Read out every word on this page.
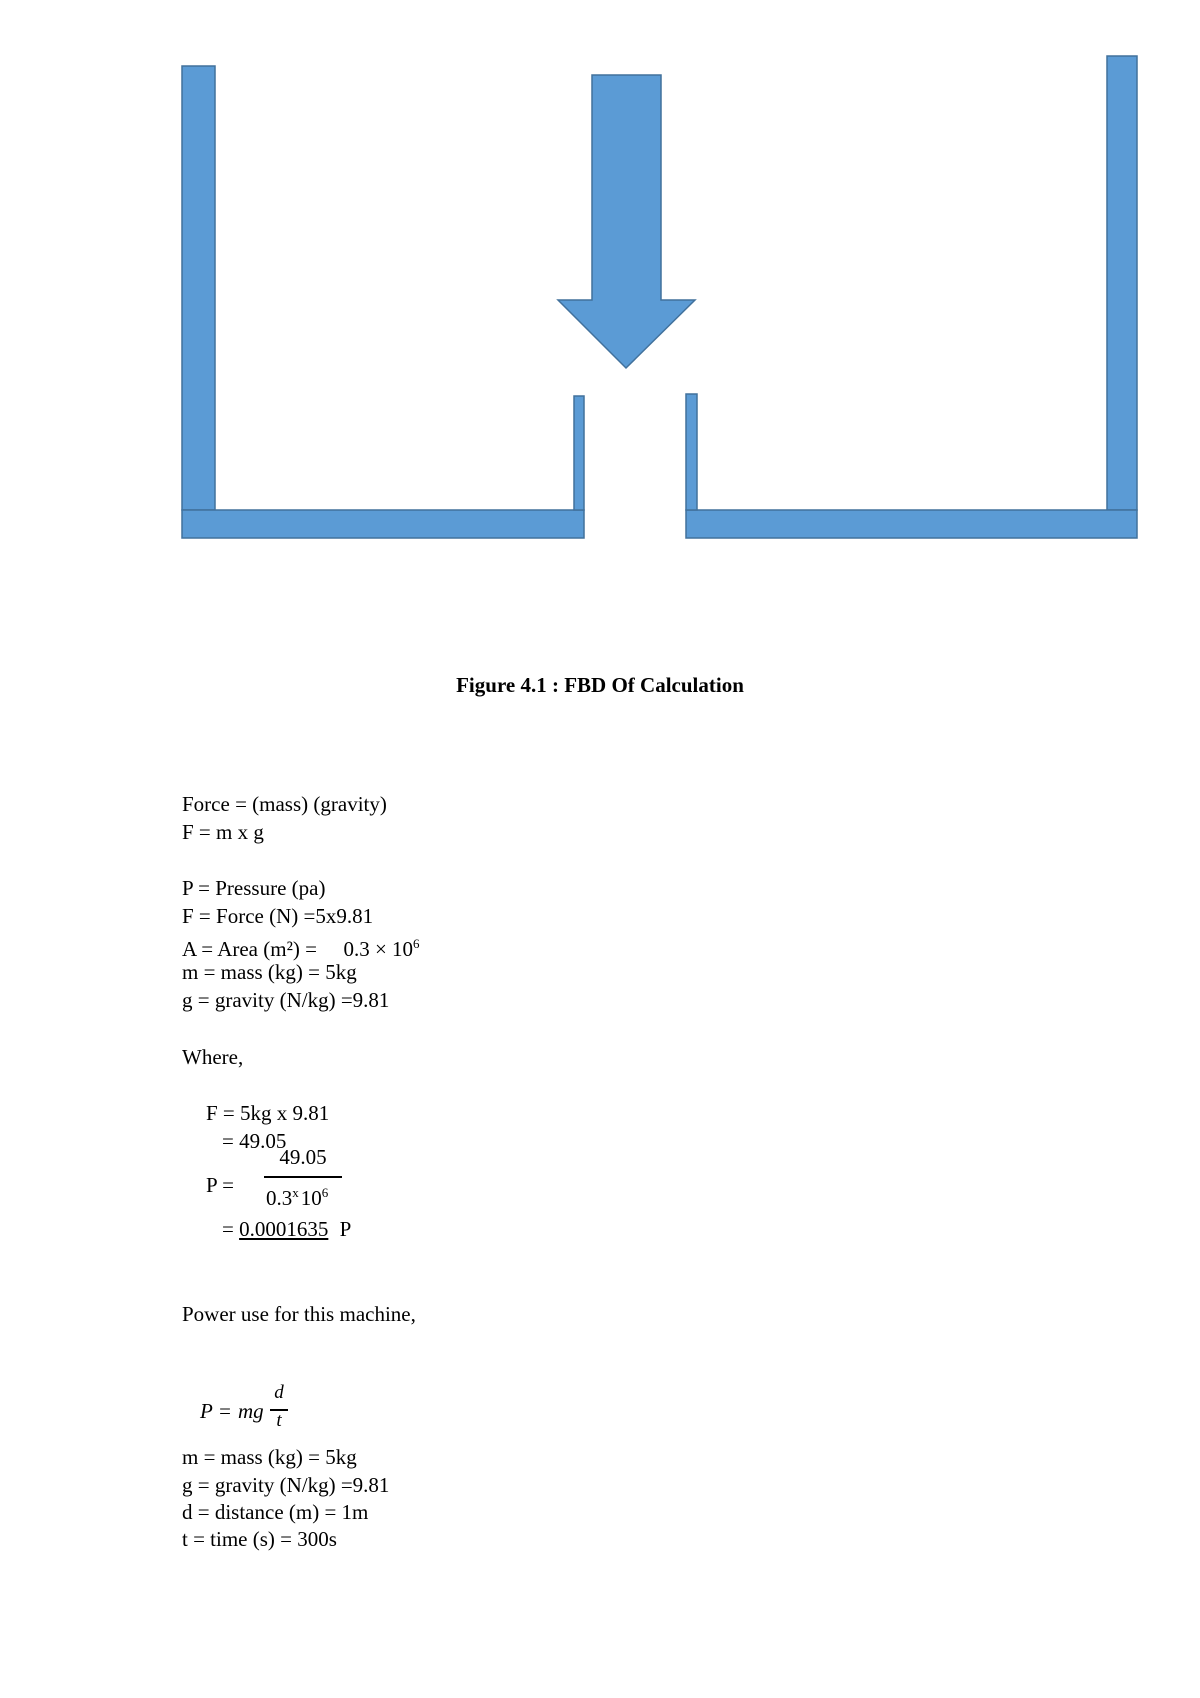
Figure 4.1 : FBD Of Calculation
Force = (mass) (gravity)
F = m x g
P = Pressure (pa)
F = Force (N) =5x9.81
A = Area $(m^2) = 0.3 \times 10^6$
m = mass (kg) = 5kg
g = gravity (N/kg) =9.81
Where,
F = 5kg x 9.81
= 49.05
P =
49.05
$0.3^x10^6$
= 0.0001635 P
Power use for this machine,
P = mg
d
t
m = mass (kg) = 5kg
g = gravity (N/kg) =9.81
d = distance (m) = 1m
t = time (s) = 300s
